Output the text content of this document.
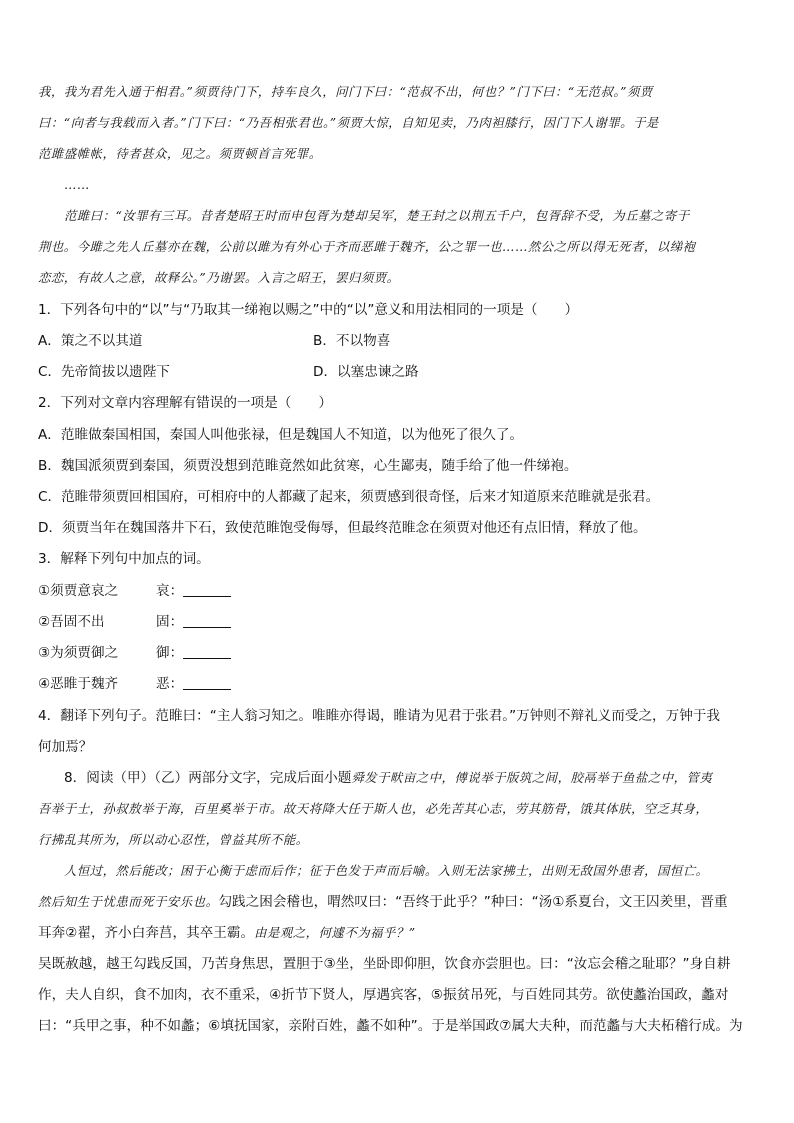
我，我为君先入通于相君。”须贾待门下，持车良久，问门下曰：“范叔不出，何也？”门下曰：“无范叔。”须贾
曰：“向者与我载而入者。”门下曰：“乃吾相张君也。”须贾大惊，自知见卖，乃肉袒膝行，因门下人谢罪。于是
范雎盛帷帐，待者甚众，见之。须贾顿首言死罪。
……
范雎曰：“汝罪有三耳。昔者楚昭王时而申包胥为楚却吴军，楚王封之以荆五千户，包胥辞不受，为丘墓之寄于
荆也。今雎之先人丘墓亦在魏，公前以雎为有外心于齐而恶雎于魏齐，公之罪一也……然公之所以得无死者，以绨袍
恋恋，有故人之意，故释公。”乃谢罢。入言之昭王，罢归须贾。
1．下列各句中的“以”与“乃取其一绨袍以赐之”中的“以”意义和用法相同的一项是（　　）
A．策之不以其道	B．不以物喜
C．先帝简拔以遗陛下	D．以塞忠谏之路
2．下列对文章内容理解有错误的一项是（　　）
A．范睢做秦国相国，秦国人叫他张禄，但是魏国人不知道，以为他死了很久了。
B．魏国派须贾到秦国，须贾没想到范睢竟然如此贫寒，心生鄙夷，随手给了他一件绨袍。
C．范睢带须贾回相国府，可相府中的人都藏了起来，须贾感到很奇怪，后来才知道原来范睢就是张君。
D．须贾当年在魏国落井下石，致使范睢饱受侮辱，但最终范睢念在须贾对他还有点旧情，释放了他。
3．解释下列句中加点的词。
①须贾意哀之	哀：
②吾固不出	固：
③为须贾御之	御：
④恶睢于魏齐	恶：
4．翻译下列句子。范睢曰：“主人翁习知之。唯睢亦得谒，睢请为见君于张君。”万钟则不辩礼义而受之，万钟于我
何加焉？
8．阅读（甲）（乙）两部分文字，完成后面小题舜发于畎亩之中，傅说举于版筑之间，胶鬲举于鱼盐之中，管夷
吾举于士，孙叔敖举于海，百里奚举于市。故天将降大任于斯人也，必先苦其心志，劳其筋骨，饿其体肤，空乏其身，
行拂乱其所为，所以动心忍性，曾益其所不能。
人恒过，然后能改；困于心衡于虑而后作；征于色发于声而后喻。入则无法家拂士，出则无敌国外患者，国恒亡。
然后知生于忧患而死于安乐也。勾践之困会稽也，喟然叹曰：“吾终于此乎？”种曰：“汤①系夏台，文王囚羑里，晋重
耳奔②翟，齐小白奔莒，其卒王霸。由是观之，何遽不为福乎？”
吴既赦越，越王勾践反国，乃苦身焦思，置胆于③坐，坐卧即仰胆，饮食亦尝胆也。曰：“汝忘会稽之耻耶？”身自耕
作，夫人自织，食不加肉，衣不重采，④折节下贤人，厚遇宾客，⑤振贫吊死，与百姓同其劳。欲使蠡治国政，蠡对
曰：“兵甲之事，种不如蠡；⑥填抚国家，亲附百姓，蠡不如种”。于是举国政⑦属大夫种，而范蠡与大夫柘稽行成。为
